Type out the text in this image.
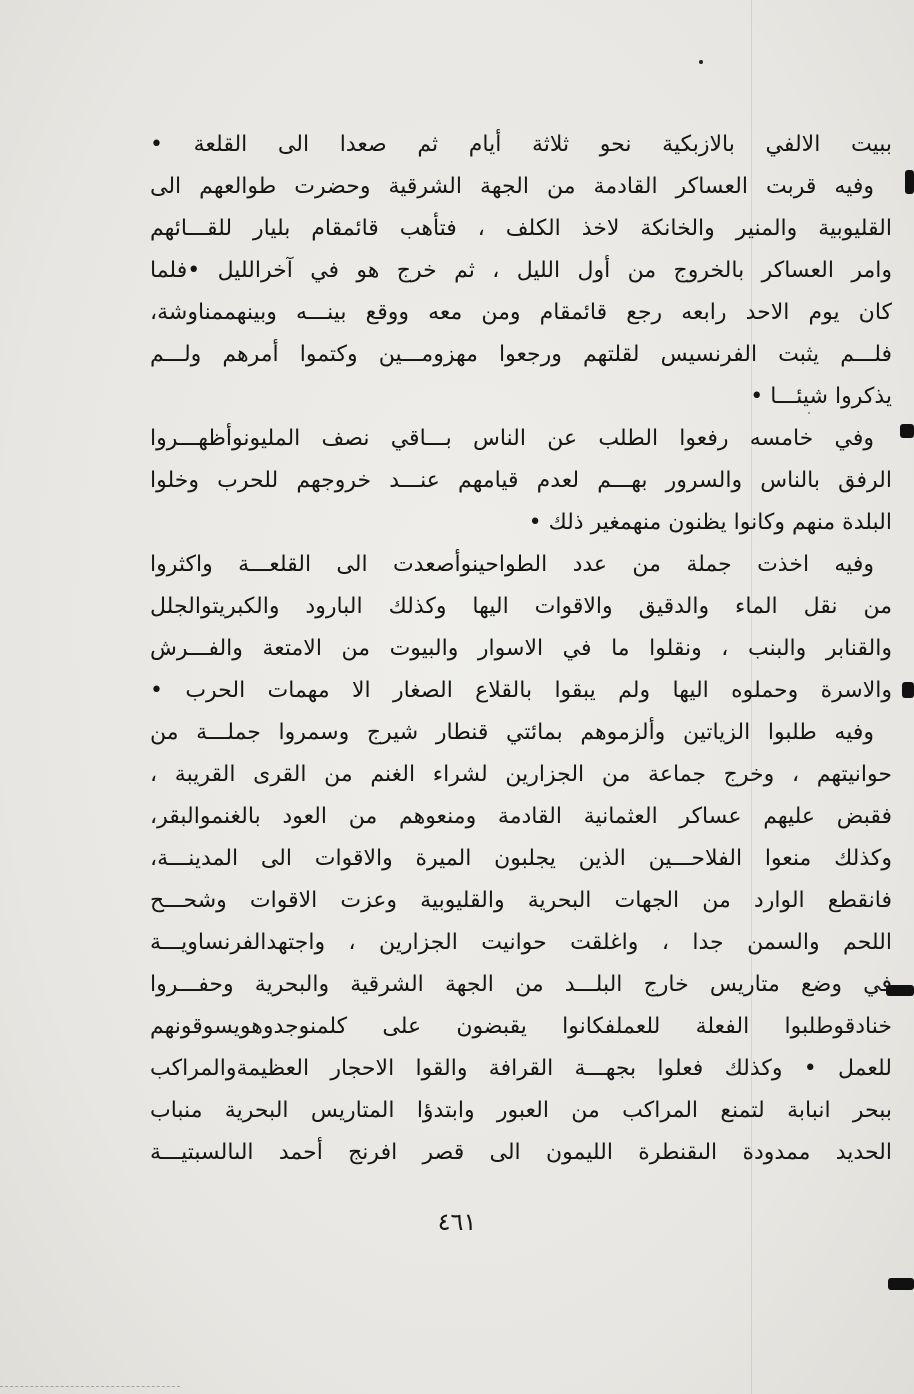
ببيت الالفي بالازبكية نحو ثلاثة أيام ثم صعدا الى القلعة •
وفيه قربت العساكر القادمة من الجهة الشرقية وحضرت طوالعهم الى
القليوبية والمنير والخانكة لاخذ الكلف ، فتأهب قائمقام بليار للقـــائهم
وامر العساكر بالخروج من أول الليل ، ثم خرج هو في آخرالليل •فلما
كان يوم الاحد رابعه رجع قائمقام ومن معه ووقع بينـــه وبينهممناوشة،
فلـــم يثبت الفرنسيس لقلتهم ورجعوا مهزومـــين وكتموا أمرهم ولـــم
يذكروا شيئـــا •
وفي خامسه رفعوا الطلب عن الناس بـــاقي نصف المليونوأظهـــروا
الرفق بالناس والسرور بهـــم لعدم قيامهم عنـــد خروجهم للحرب وخلوا
البلدة منهم وكانوا يظنون منهمغير ذلك •
وفيه اخذت جملة من عدد الطواحينوأصعدت الى القلعـــة واكثروا
من نقل الماء والدقيق والاقوات اليها وكذلك البارود والكبريتوالجلل
والقنابر والبنب ، ونقلوا ما في الاسوار والبيوت من الامتعة والفـــرش
والاسرة وحملوه اليها ولم يبقوا بالقلاع الصغار الا مهمات الحرب •
وفيه طلبوا الزياتين وألزموهم بمائتي قنطار شيرج وسمروا جملـــة من
حوانيتهم ، وخرج جماعة من الجزارين لشراء الغنم من القرى القريبة ،
فقبض عليهم عساكر العثمانية القادمة ومنعوهم من العود بالغنموالبقر،
وكذلك منعوا الفلاحـــين الذين يجلبون الميرة والاقوات الى المدينـــة،
فانقطع الوارد من الجهات البحرية والقليوبية وعزت الاقوات وشحـــح
اللحم والسمن جدا ، واغلقت حوانيت الجزارين ، واجتهدالفرنساويـــة
في وضع متاريس خارج البلـــد من الجهة الشرقية والبحرية وحفـــروا
خنادقوطلبوا الفعلة للعملفكانوا يقبضون على كلمنوجدوهويسوقونهم
للعمل • وكذلك فعلوا بجهـــة القرافة والقوا الاحجار العظيمةوالمراكب
ببحر انبابة لتمنع المراكب من العبور وابتدؤا المتاريس البحرية منباب
الحديد ممدودة الىقنطرة الليمون الى قصر افرنج أحمد الىالسبتيـــة
٤٦١
